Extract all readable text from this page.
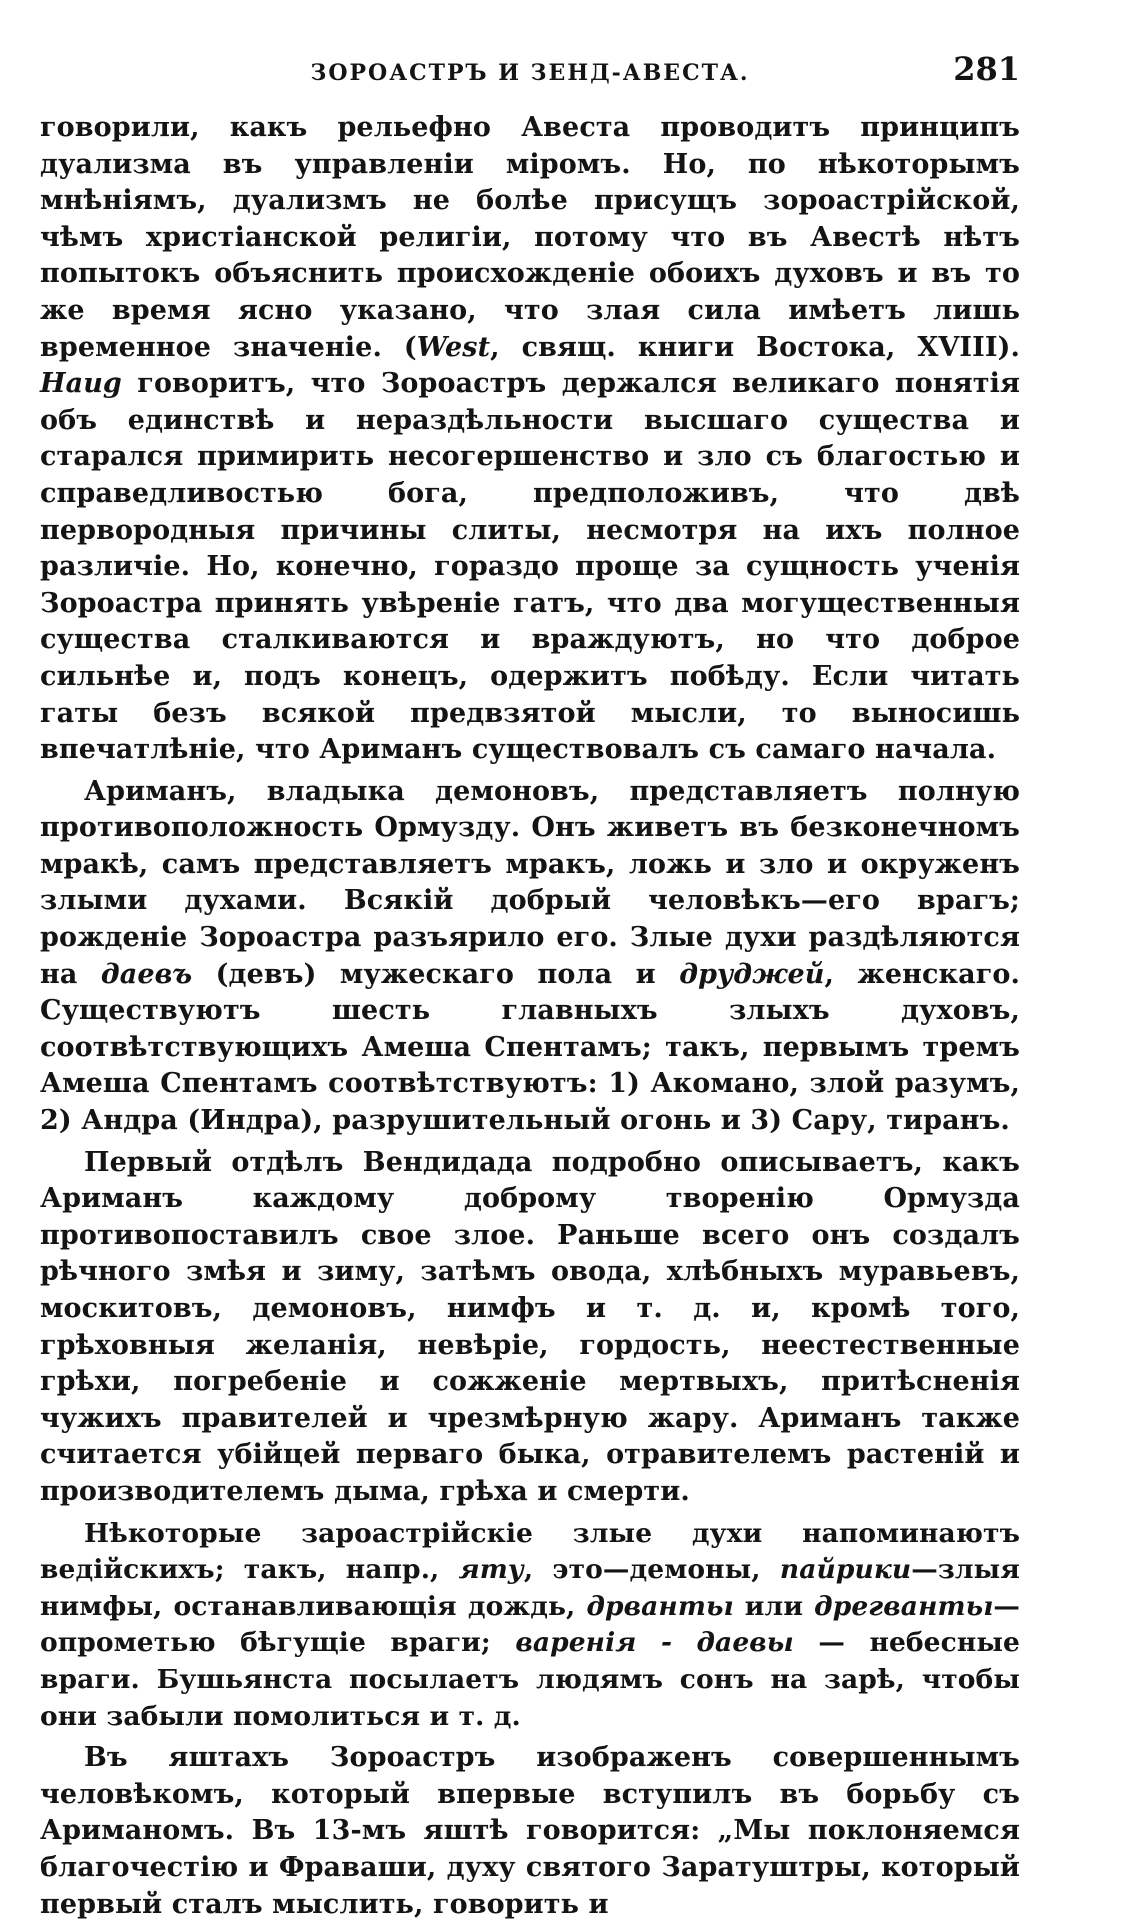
ЗОРОАСТРЪ И ЗЕНД-АВЕСТА.	281

говорили, какъ рельефно Авеста проводитъ принципъ дуализма въ управленіи міромъ. Но, по нѣкоторымъ мнѣніямъ, дуализмъ не болѣе присущъ зороастрійской, чѣмъ христіанской религіи, потому что въ Авестѣ нѣтъ попытокъ объяснить происхожденіе обоихъ духовъ и въ то же время ясно указано, что злая сила имѣетъ лишь временное значеніе. (West, свящ. книги Востока, XVIII). Haug говоритъ, что Зороастръ держался великаго понятія объ единствѣ и нераздѣльности высшаго существа и старался примирить несогершенство и зло съ благостью и справедливостью бога, предположивъ, что двѣ первородныя причины слиты, несмотря на ихъ полное различіе. Но, конечно, гораздо проще за сущность ученія Зороастра принять увѣреніе гатъ, что два могущественныя существа сталкиваются и враждуютъ, но что доброе сильнѣе и, подъ конецъ, одержитъ побѣду. Если читать гаты безъ всякой предвзятой мысли, то выносишь впечатлѣніе, что Ариманъ существовалъ съ самаго начала.

Ариманъ, владыка демоновъ, представляетъ полную противоположность Ормузду. Онъ живетъ въ безконечномъ мракѣ, самъ представляетъ мракъ, ложь и зло и окруженъ злыми духами. Всякій добрый человѣкъ—его врагъ; рожденіе Зороастра разъярило его. Злые духи раздѣляются на даевъ (девъ) мужескаго пола и друджей, женскаго. Существуютъ шесть главныхъ злыхъ духовъ, соотвѣтствующихъ Амеша Спентамъ; такъ, первымъ тремъ Амеша Спентамъ соотвѣтствуютъ: 1) Акомано, злой разумъ, 2) Андра (Индра), разрушительный огонь и 3) Сару, тиранъ.

Первый отдѣлъ Вендидада подробно описываетъ, какъ Ариманъ каждому доброму творенію Ормузда противопоставилъ свое злое. Раньше всего онъ создалъ рѣчного змѣя и зиму, затѣмъ овода, хлѣбныхъ муравьевъ, москитовъ, демоновъ, нимфъ и т. д. и, кромѣ того, грѣховныя желанія, невѣріе, гордость, неестественные грѣхи, погребеніе и сожженіе мертвыхъ, притѣсненія чужихъ правителей и чрезмѣрную жару. Ариманъ также считается убійцей перваго быка, отравителемъ растеній и производителемъ дыма, грѣха и смерти.

Нѣкоторые зароастрійскіе злые духи напоминаютъ ведійскихъ; такъ, напр., яту, это—демоны, пайрики—злыя нимфы, останавливающія дождь, дрвантьı или дрегвантьı—опрометью бѣгущіе враги; варенія - даевы — небесные враги. Бушьянста посылаетъ людямъ сонъ на зарѣ, чтобы они забыли помолиться и т. д.

Въ яштахъ Зороастръ изображенъ совершеннымъ человѣкомъ, который впервые вступилъ въ борьбу съ Ариманомъ. Въ 13-мъ яштѣ говорится: „Мы поклоняемся благочестію и Фраваши, духу святого Заратуштры, который первый сталъ мыслить, говорить и
